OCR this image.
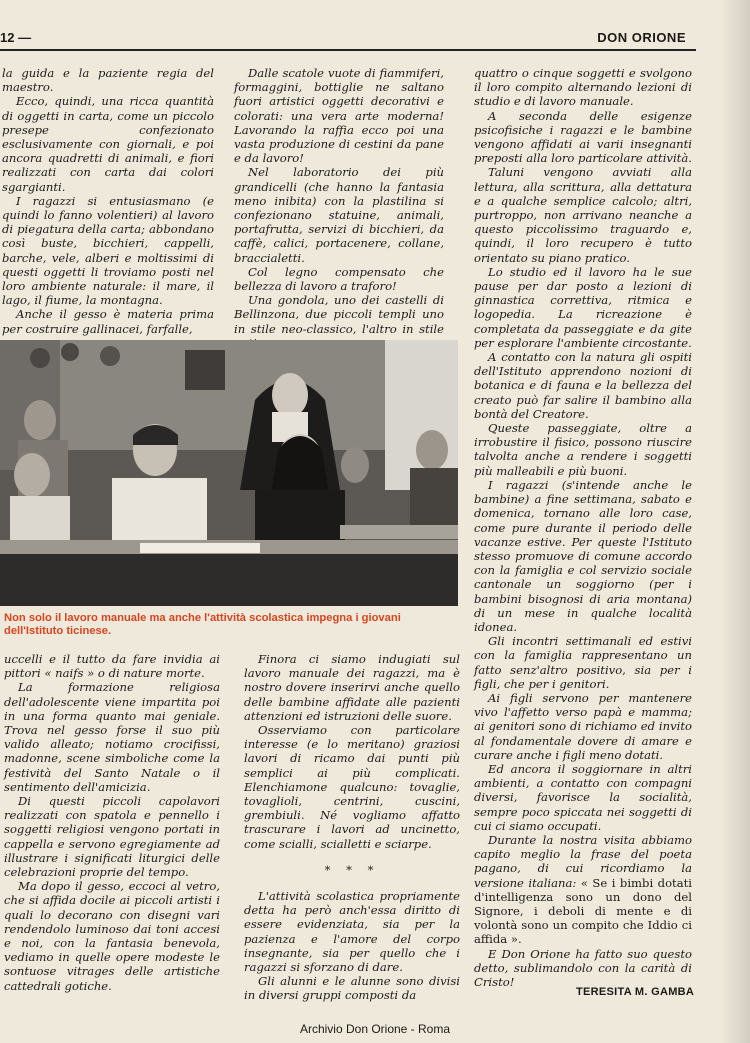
12 —	DON ORIONE

la guida e la paziente regia del maestro.

Ecco, quindi, una ricca quantità di oggetti in carta, come un piccolo presepe confezionato esclusivamente con giornali, e poi ancora quadretti di animali, e fiori realizzati con carta dai colori sgargianti.

I ragazzi si entusiasmano (e quindi lo fanno volentieri) al lavoro di piegatura della carta; abbondano così buste, bicchieri, cappelli, barche, vele, alberi e moltissimi di questi oggetti li troviamo posti nel loro ambiente naturale: il mare, il lago, il fiume, la montagna.

Anche il gesso è materia prima per costruire gallinacei, farfalle,

Dalle scatole vuote di fiammiferi, formaggini, bottiglie ne saltano fuori artistici oggetti decorativi e colorati: una vera arte moderna! Lavorando la raffia ecco poi una vasta produzione di cestini da pane e da lavoro!

Nel laboratorio dei più grandicelli (che hanno la fantasia meno inibita) con la plastilina si confezionano statuine, animali, portafrutta, servizi di bicchieri, da caffè, calici, portacenere, collane, braccialetti.

Col legno compensato che bellezza di lavoro a traforo!

Una gondola, uno dei castelli di Bellinzona, due piccoli templi uno in stile neo-classico, l'altro in stile

Non solo il lavoro manuale ma anche l'attività scolastica impegna i giovani dell'Istituto ticinese.

uccelli e il tutto da fare invidia ai pittori « naifs » o di nature morte.

La formazione religiosa dell'adolescente viene impartita poi in una forma quanto mai geniale. Trova nel gesso forse il suo più valido alleato; notiamo crocifissi, madonne, scene simboliche come la festività del Santo Natale o il sentimento dell'amicizia.

Di questi piccoli capolavori realizzati con spatola e pennello i soggetti religiosi vengono portati in cappella e servono egregiamente ad illustrare i significati liturgici delle celebrazioni proprie del tempo.

Ma dopo il gesso, eccoci al vetro, che si affida docile ai piccoli artisti i quali lo decorano con disegni vari rendendolo luminoso dai toni accesi e noi, con la fantasia benevola, vediamo in quelle opere modeste le sontuose vitrages delle artistiche cattedrali gotiche.

Finora ci siamo indugiati sul lavoro manuale dei ragazzi, ma è nostro dovere inserirvi anche quello delle bambine affidate alle pazienti attenzioni ed istruzioni delle suore.

Osserviamo con particolare interesse (e lo meritano) graziosi lavori di ricamo dai punti più semplici ai più complicati. Elenchiamone qualcuno: tovaglie, tovaglioli, centrini, cuscini, grembiuli. Né vogliamo affatto trascurare i lavori ad uncinetto, come scialli, scialletti e sciarpe.

* * *

L'attività scolastica propriamente detta ha però anch'essa diritto di essere evidenziata, sia per la pazienza e l'amore del corpo insegnante, sia per quello che i ragazzi si sforzano di dare.

Gli alunni e le alunne sono divisi in diversi gruppi composti da

quattro o cinque soggetti e svolgono il loro compito alternando lezioni di studio e di lavoro manuale.

A seconda delle esigenze psicofisiche i ragazzi e le bambine vengono affidati ai varii insegnanti preposti alla loro particolare attività.

Taluni vengono avviati alla lettura, alla scrittura, alla dettatura e a qualche semplice calcolo; altri, purtroppo, non arrivano neanche a questo piccolissimo traguardo e, quindi, il loro recupero è tutto orientato su piano pratico.

Lo studio ed il lavoro ha le sue pause per dar posto a lezioni di ginnastica correttiva, ritmica e logopedia. La ricreazione è completata da passeggiate e da gite per esplorare l'ambiente circostante.

A contatto con la natura gli ospiti dell'Istituto apprendono nozioni di botanica e di fauna e la bellezza del creato può far salire il bambino alla bontà del Creatore.

Queste passeggiate, oltre a irrobustire il fisico, possono riuscire talvolta anche a rendere i soggetti più malleabili e più buoni.

I ragazzi (s'intende anche le bambine) a fine settimana, sabato e domenica, tornano alle loro case, come pure durante il periodo delle vacanze estive. Per queste l'Istituto stesso promuove di comune accordo con la famiglia e col servizio sociale cantonale un soggiorno (per i bambini bisognosi di aria montana) di un mese in qualche località idonea.

Gli incontri settimanali ed estivi con la famiglia rappresentano un fatto senz'altro positivo, sia per i figli, che per i genitori.

Ai figli servono per mantenere vivo l'affetto verso papà e mamma; ai genitori sono di richiamo ed invito al fondamentale dovere di amare e curare anche i figli meno dotati.

Ed ancora il soggiornare in altri ambienti, a contatto con compagni diversi, favorisce la socialità, sempre poco spiccata nei soggetti di cui ci siamo occupati.

Durante la nostra visita abbiamo capito meglio la frase del poeta pagano, di cui ricordiamo la versione italiana: « Se i bimbi dotati d'intelligenza sono un dono del Signore, i deboli di mente e di volontà sono un compito che Iddio ci affida ».

E Don Orione ha fatto suo questo detto, sublimandolo con la carità di Cristo!

TERESITA M. GAMBA
Archivio Don Orione - Roma
